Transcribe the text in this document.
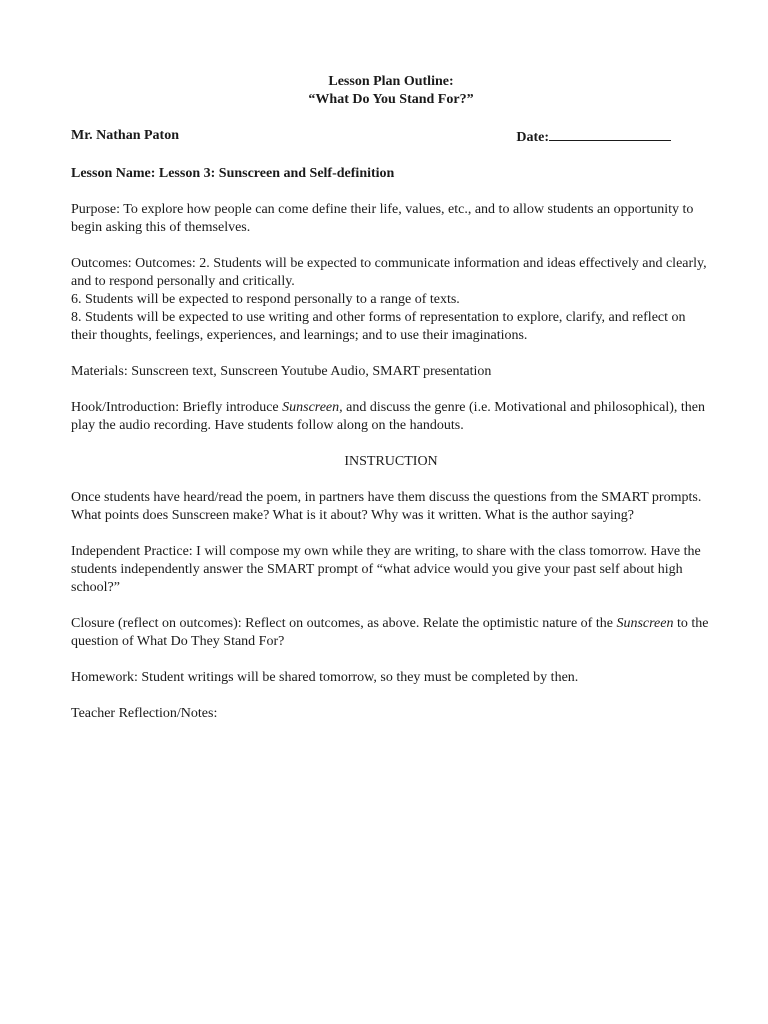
Lesson Plan Outline:

“What Do You Stand For?”

Mr. Nathan Paton	Date:

Lesson Name: Lesson 3: Sunscreen and Self-definition

Purpose: To explore how people can come define their life, values, etc., and to allow students an opportunity to begin asking this of themselves.

Outcomes: Outcomes: 2. Students will be expected to communicate information and ideas effectively and clearly, and to respond personally and critically.

6. Students will be expected to respond personally to a range of texts.

8. Students will be expected to use writing and other forms of representation to explore, clarify, and reflect on their thoughts, feelings, experiences, and learnings; and to use their imaginations.

Materials: Sunscreen text, Sunscreen Youtube Audio, SMART presentation

Hook/Introduction: Briefly introduce Sunscreen, and discuss the genre (i.e. Motivational and philosophical), then play the audio recording. Have students follow along on the handouts.

INSTRUCTION

Once students have heard/read the poem, in partners have them discuss the questions from the SMART prompts. What points does Sunscreen make? What is it about? Why was it written. What is the author saying?

Independent Practice: I will compose my own while they are writing, to share with the class tomorrow. Have the students independently answer the SMART prompt of “what advice would you give your past self about high school?”

Closure (reflect on outcomes): Reflect on outcomes, as above. Relate the optimistic nature of the Sunscreen to the question of What Do They Stand For?

Homework: Student writings will be shared tomorrow, so they must be completed by then.

Teacher Reflection/Notes:
